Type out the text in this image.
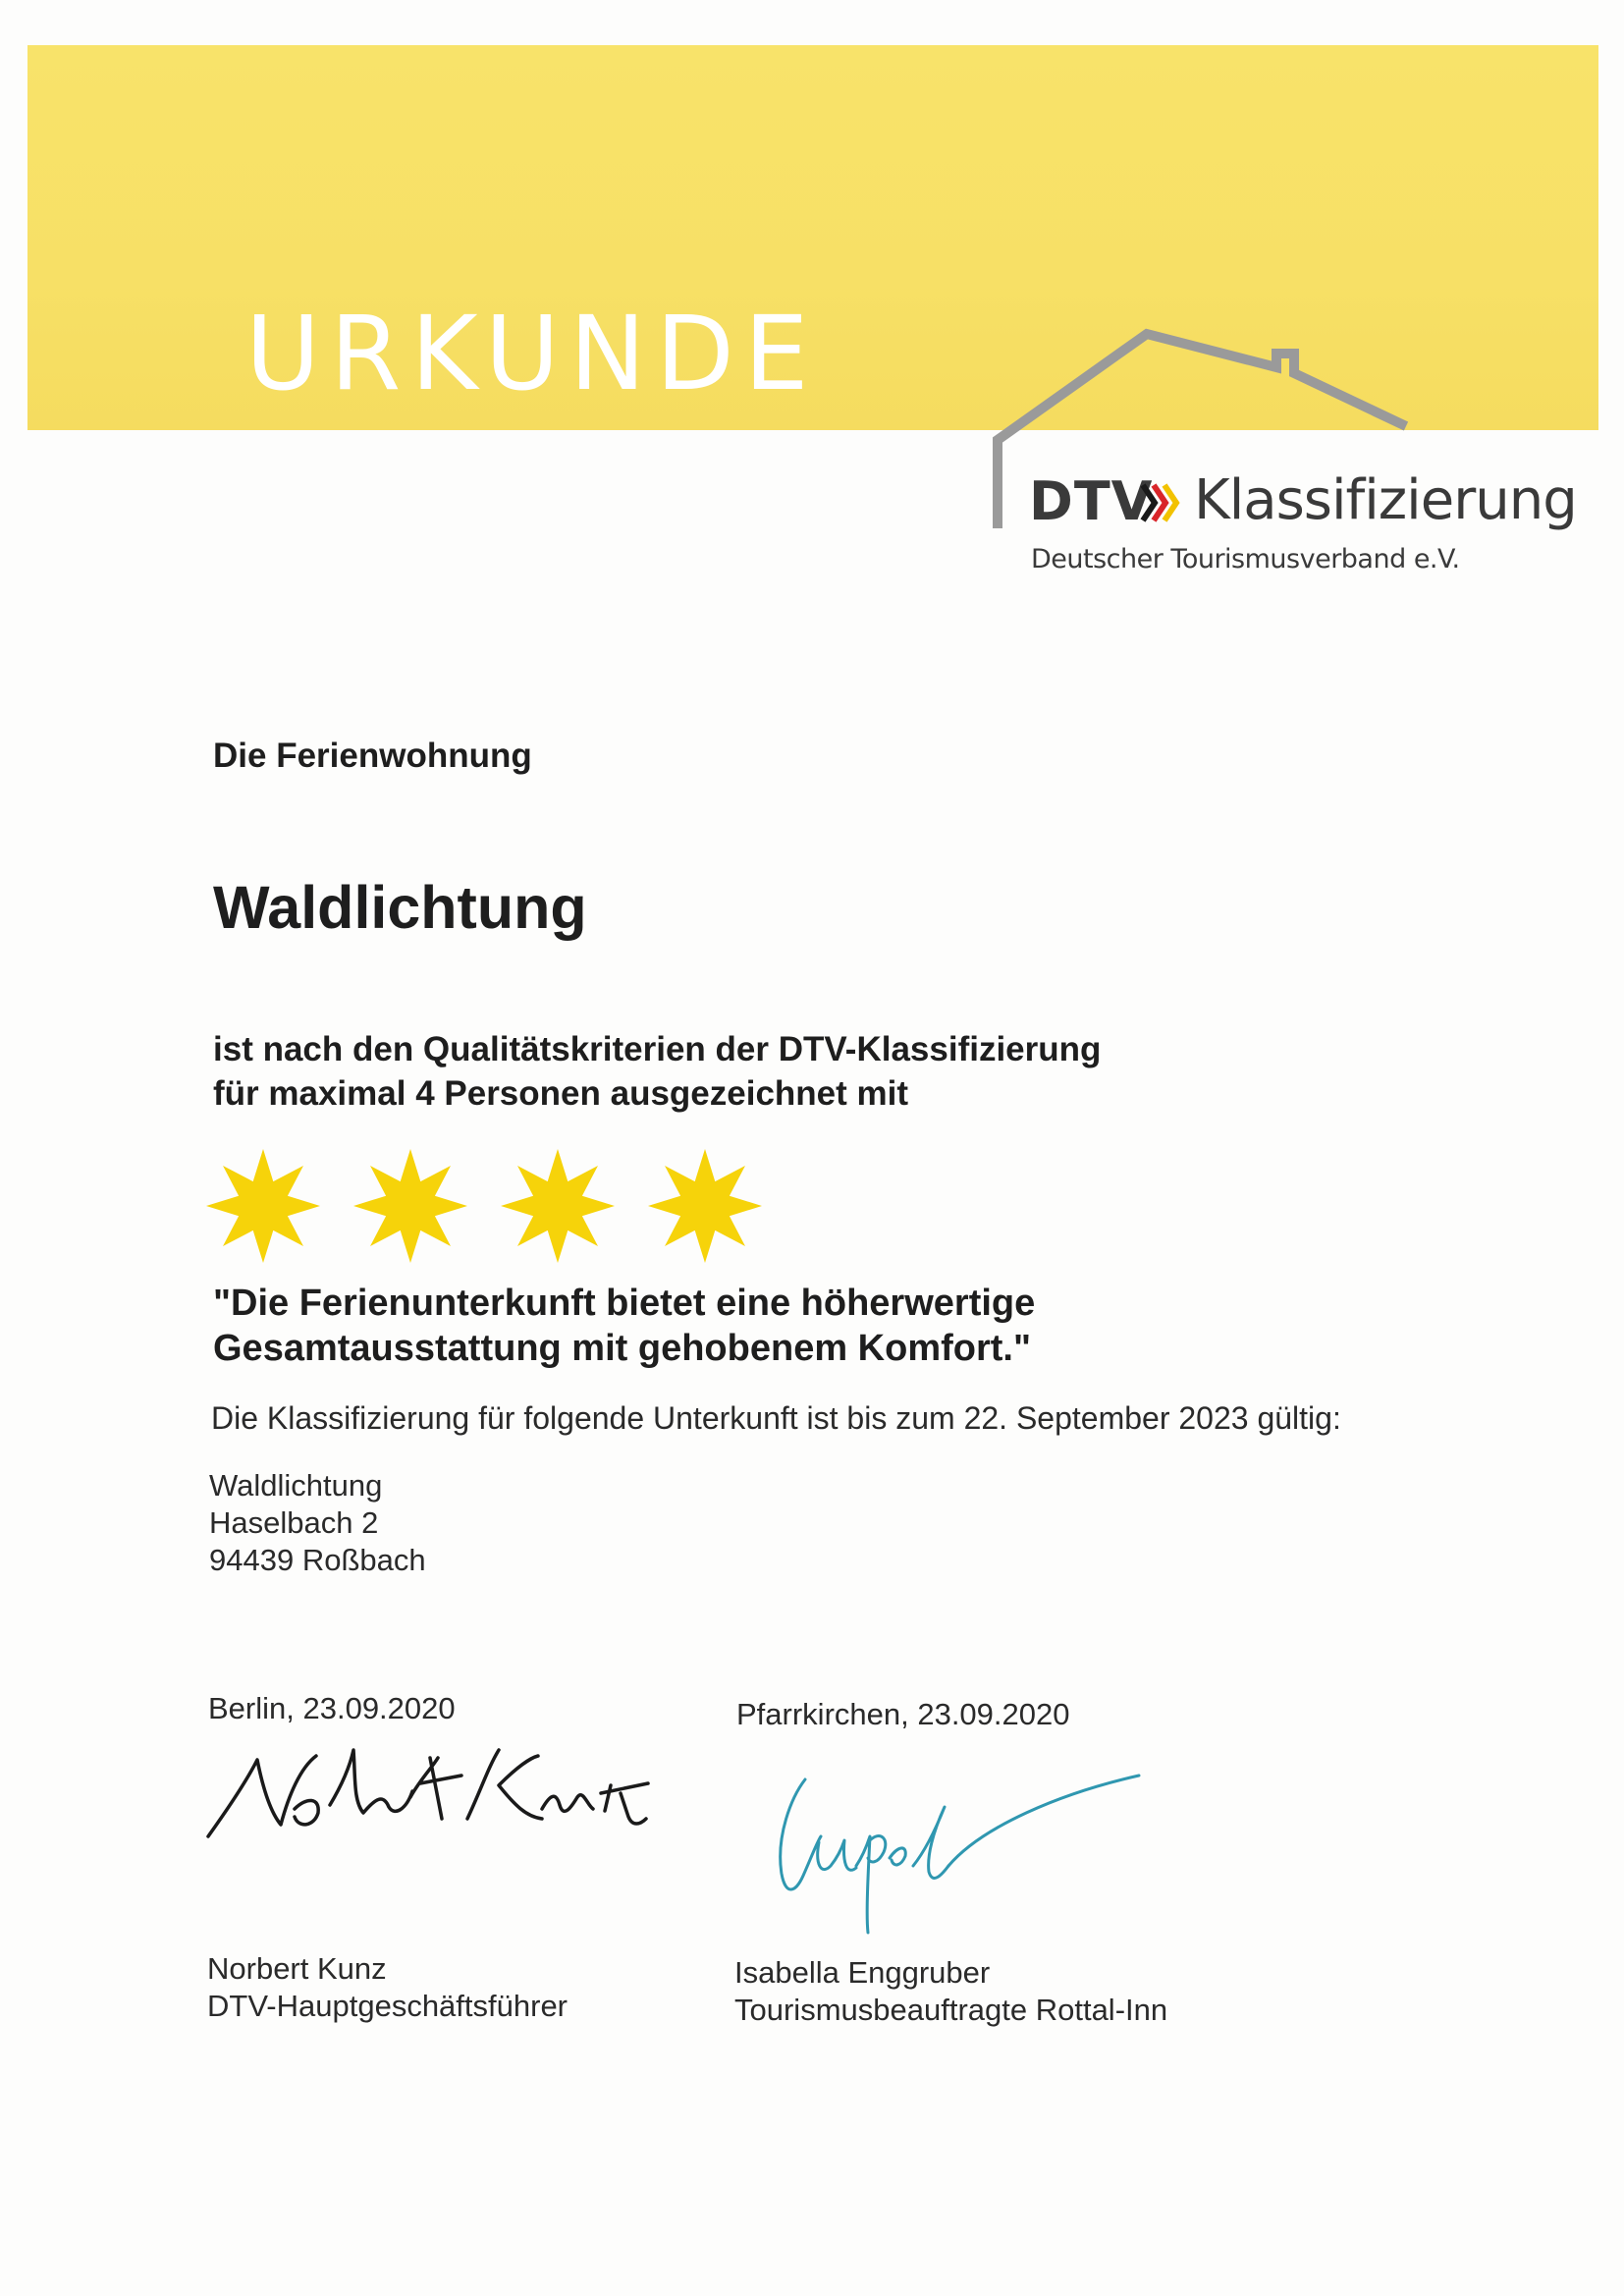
URKUNDE
DTV Klassifizierung
Deutscher Tourismusverband e.V.
Die Ferienwohnung
Waldlichtung
ist nach den Qualitätskriterien der DTV-Klassifizierung
für maximal 4 Personen ausgezeichnet mit
"Die Ferienunterkunft bietet eine höherwertige
Gesamtausstattung mit gehobenem Komfort."
Die Klassifizierung für folgende Unterkunft ist bis zum 22. September 2023 gültig:
Waldlichtung
Haselbach 2
94439 Roßbach
Berlin, 23.09.2020	Pfarrkirchen, 23.09.2020
Norbert Kunz
DTV-Hauptgeschäftsführer
Isabella Enggruber
Tourismusbeauftragte Rottal-Inn
